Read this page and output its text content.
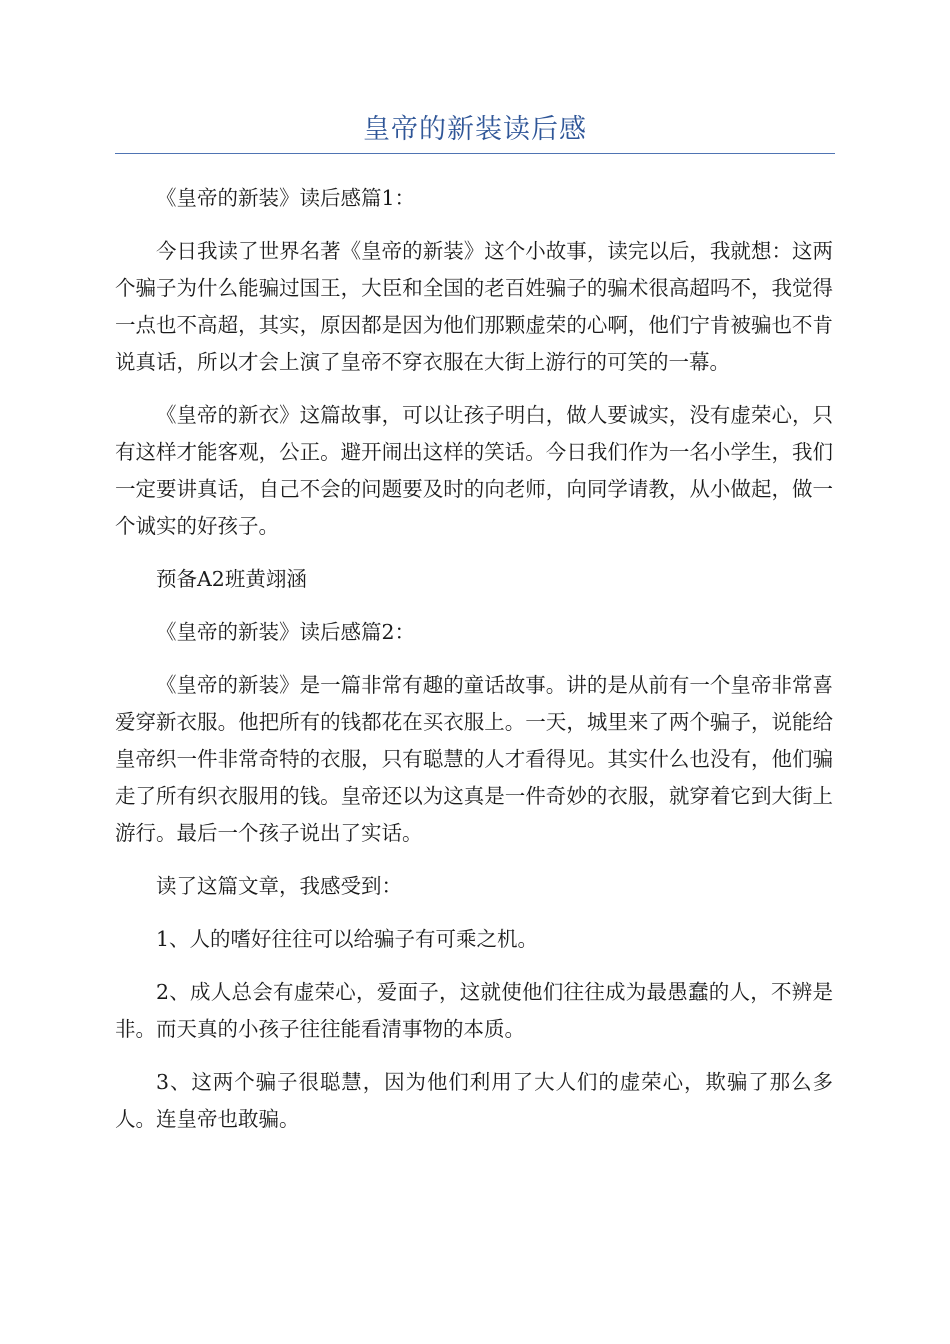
皇帝的新装读后感

《皇帝的新装》读后感篇1：

今日我读了世界名著《皇帝的新装》这个小故事，读完以后，我就想：这两个骗子为什么能骗过国王，大臣和全国的老百姓骗子的骗术很高超吗不，我觉得一点也不高超，其实，原因都是因为他们那颗虚荣的心啊，他们宁肯被骗也不肯说真话，所以才会上演了皇帝不穿衣服在大街上游行的可笑的一幕。

《皇帝的新衣》这篇故事，可以让孩子明白，做人要诚实，没有虚荣心，只有这样才能客观，公正。避开闹出这样的笑话。今日我们作为一名小学生，我们一定要讲真话，自己不会的问题要及时的向老师，向同学请教，从小做起，做一个诚实的好孩子。

预备A2班黄翊涵

《皇帝的新装》读后感篇2：

《皇帝的新装》是一篇非常有趣的童话故事。讲的是从前有一个皇帝非常喜爱穿新衣服。他把所有的钱都花在买衣服上。一天，城里来了两个骗子，说能给皇帝织一件非常奇特的衣服，只有聪慧的人才看得见。其实什么也没有，他们骗走了所有织衣服用的钱。皇帝还以为这真是一件奇妙的衣服，就穿着它到大街上游行。最后一个孩子说出了实话。

读了这篇文章，我感受到：

1、人的嗜好往往可以给骗子有可乘之机。

2、成人总会有虚荣心，爱面子，这就使他们往往成为最愚蠢的人，不辨是非。而天真的小孩子往往能看清事物的本质。

3、这两个骗子很聪慧，因为他们利用了大人们的虚荣心，欺骗了那么多人。连皇帝也敢骗。
